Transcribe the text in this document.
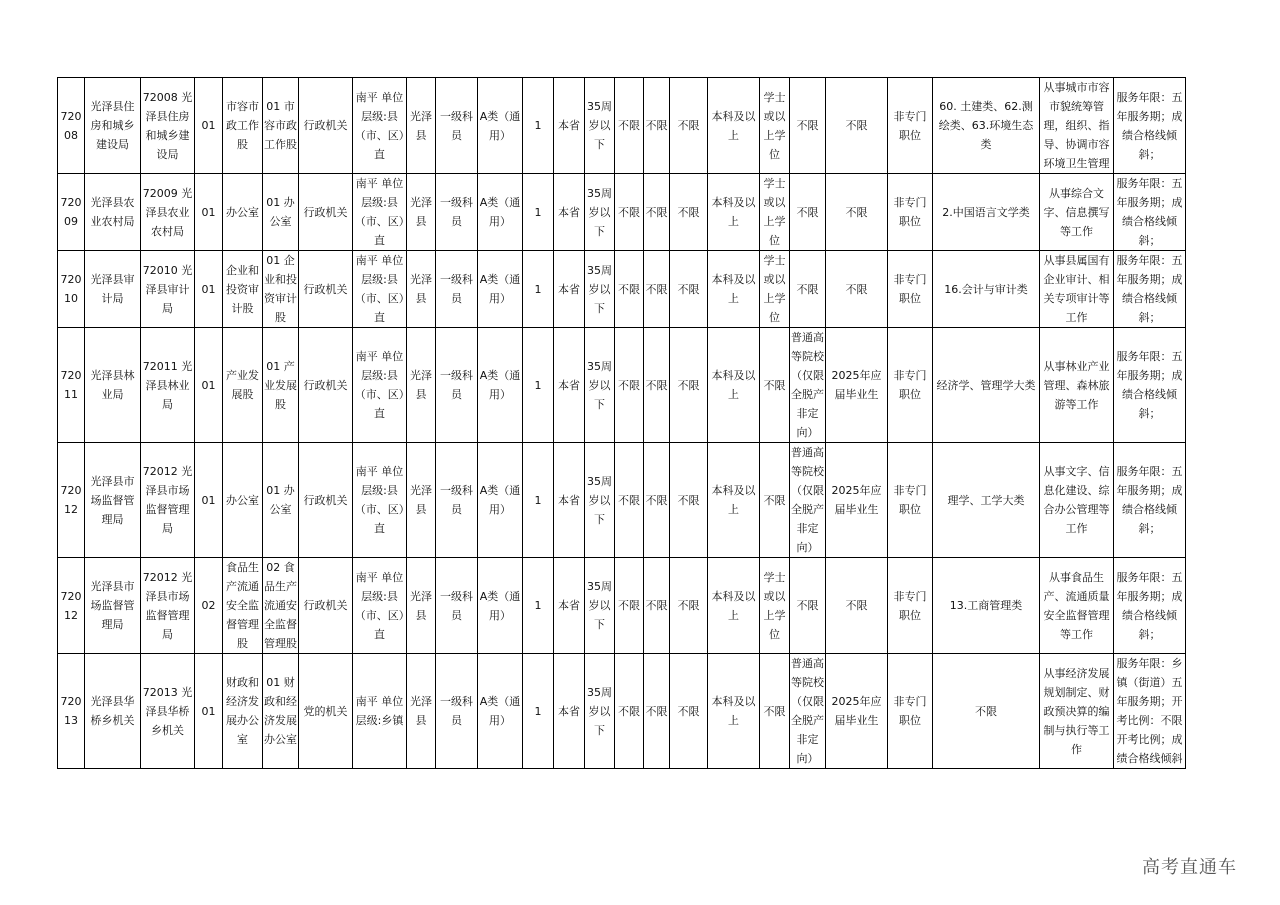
72008	光泽县住房和城乡建设局	72008 光泽县住房和城乡建设局	01	市容市政工作股	01 市容市政工作股	行政机关	南平 单位层级:县（市、区）直	光泽县	一级科员	A类（通用）	1	本省	35周岁以下	不限	不限	不限	本科及以上	学士或以上学位	不限	不限	非专门职位	60. 土建类、62.测绘类、63.环境生态类	从事城市市容市貌统筹管理，组织、指导、协调市容环境卫生管理	服务年限：五年服务期；成绩合格线倾斜；
72009	光泽县农业农村局	72009 光泽县农业农村局	01	办公室	01 办公室	行政机关	南平 单位层级:县（市、区）直	光泽县	一级科员	A类（通用）	1	本省	35周岁以下	不限	不限	不限	本科及以上	学士或以上学位	不限	不限	非专门职位	2.中国语言文学类	从事综合文字、信息撰写等工作	服务年限：五年服务期；成绩合格线倾斜；
72010	光泽县审计局	72010 光泽县审计局	01	企业和投资审计股	01 企业和投资审计股	行政机关	南平 单位层级:县（市、区）直	光泽县	一级科员	A类（通用）	1	本省	35周岁以下	不限	不限	不限	本科及以上	学士或以上学位	不限	不限	非专门职位	16.会计与审计类	从事县属国有企业审计、相关专项审计等工作	服务年限：五年服务期；成绩合格线倾斜；
72011	光泽县林业局	72011 光泽县林业局	01	产业发展股	01 产业发展股	行政机关	南平 单位层级:县（市、区）直	光泽县	一级科员	A类（通用）	1	本省	35周岁以下	不限	不限	不限	本科及以上	不限	普通高等院校（仅限全脱产非定向）	2025年应届毕业生	非专门职位	经济学、管理学大类	从事林业产业管理、森林旅游等工作	服务年限：五年服务期；成绩合格线倾斜；
72012	光泽县市场监督管理局	72012 光泽县市场监督管理局	01	办公室	01 办公室	行政机关	南平 单位层级:县（市、区）直	光泽县	一级科员	A类（通用）	1	本省	35周岁以下	不限	不限	不限	本科及以上	不限	普通高等院校（仅限全脱产非定向）	2025年应届毕业生	非专门职位	理学、工学大类	从事文字、信息化建设、综合办公管理等工作	服务年限：五年服务期；成绩合格线倾斜；
72012	光泽县市场监督管理局	72012 光泽县市场监督管理局	02	食品生产流通安全监督管理股	02 食品生产流通安全监督管理股	行政机关	南平 单位层级:县（市、区）直	光泽县	一级科员	A类（通用）	1	本省	35周岁以下	不限	不限	不限	本科及以上	学士或以上学位	不限	不限	非专门职位	13.工商管理类	从事食品生产、流通质量安全监督管理等工作	服务年限：五年服务期；成绩合格线倾斜；
72013	光泽县华桥乡机关	72013 光泽县华桥乡机关	01	财政和经济发展办公室	01 财政和经济发展办公室	党的机关	南平 单位层级:乡镇	光泽县	一级科员	A类（通用）	1	本省	35周岁以下	不限	不限	不限	本科及以上	不限	普通高等院校（仅限全脱产非定向）	2025年应届毕业生	非专门职位	不限	从事经济发展规划制定、财政预决算的编制与执行等工作	服务年限：乡镇（街道）五年服务期；开考比例：不限开考比例；成绩合格线倾斜
高考直通车
